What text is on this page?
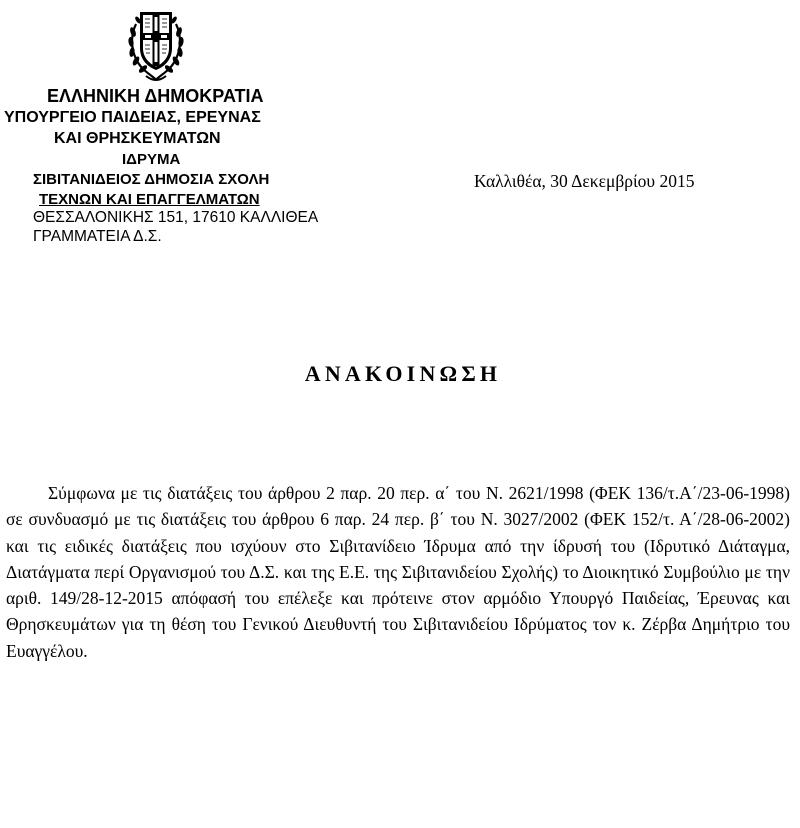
ΕΛΛΗΝΙΚΗ ΔΗΜΟΚΡΑΤΙΑ
ΥΠΟΥΡΓΕΙΟ ΠΑΙΔΕΙΑΣ, ΕΡΕΥΝΑΣ
ΚΑΙ ΘΡΗΣΚΕΥΜΑΤΩΝ
ΙΔΡΥΜΑ
ΣΙΒΙΤΑΝΙΔΕΙΟΣ ΔΗΜΟΣΙΑ ΣΧΟΛΗ
ΤΕΧΝΩΝ ΚΑΙ ΕΠΑΓΓΕΛΜΑΤΩΝ
ΘΕΣΣΑΛΟΝΙΚΗΣ 151, 17610 ΚΑΛΛΙΘΕΑ
ΓΡΑΜΜΑΤΕΙΑ Δ.Σ.
Καλλιθέα, 30 Δεκεμβρίου 2015
ΑΝΑΚΟΙΝΩΣΗ

Σύμφωνα με τις διατάξεις του άρθρου 2 παρ. 20 περ. α΄ του Ν. 2621/1998 (ΦΕΚ 136/τ.Α΄/23-06-1998) σε συνδυασμό με τις διατάξεις του άρθρου 6 παρ. 24 περ. β΄ του Ν. 3027/2002 (ΦΕΚ 152/τ. Α΄/28-06-2002) και τις ειδικές διατάξεις που ισχύουν στο Σιβιτανίδειο Ίδρυμα από την ίδρυσή του (Ιδρυτικό Διάταγμα, Διατάγματα περί Οργανισμού του Δ.Σ. και της Ε.Ε. της Σιβιτανιδείου Σχολής) το Διοικητικό Συμβούλιο με την αριθ. 149/28-12-2015 απόφασή του επέλεξε και πρότεινε στον αρμόδιο Υπουργό Παιδείας, Έρευνας και Θρησκευμάτων για τη θέση του Γενικού Διευθυντή του Σιβιτανιδείου Ιδρύματος τον κ. Ζέρβα Δημήτριο του Ευαγγέλου.
